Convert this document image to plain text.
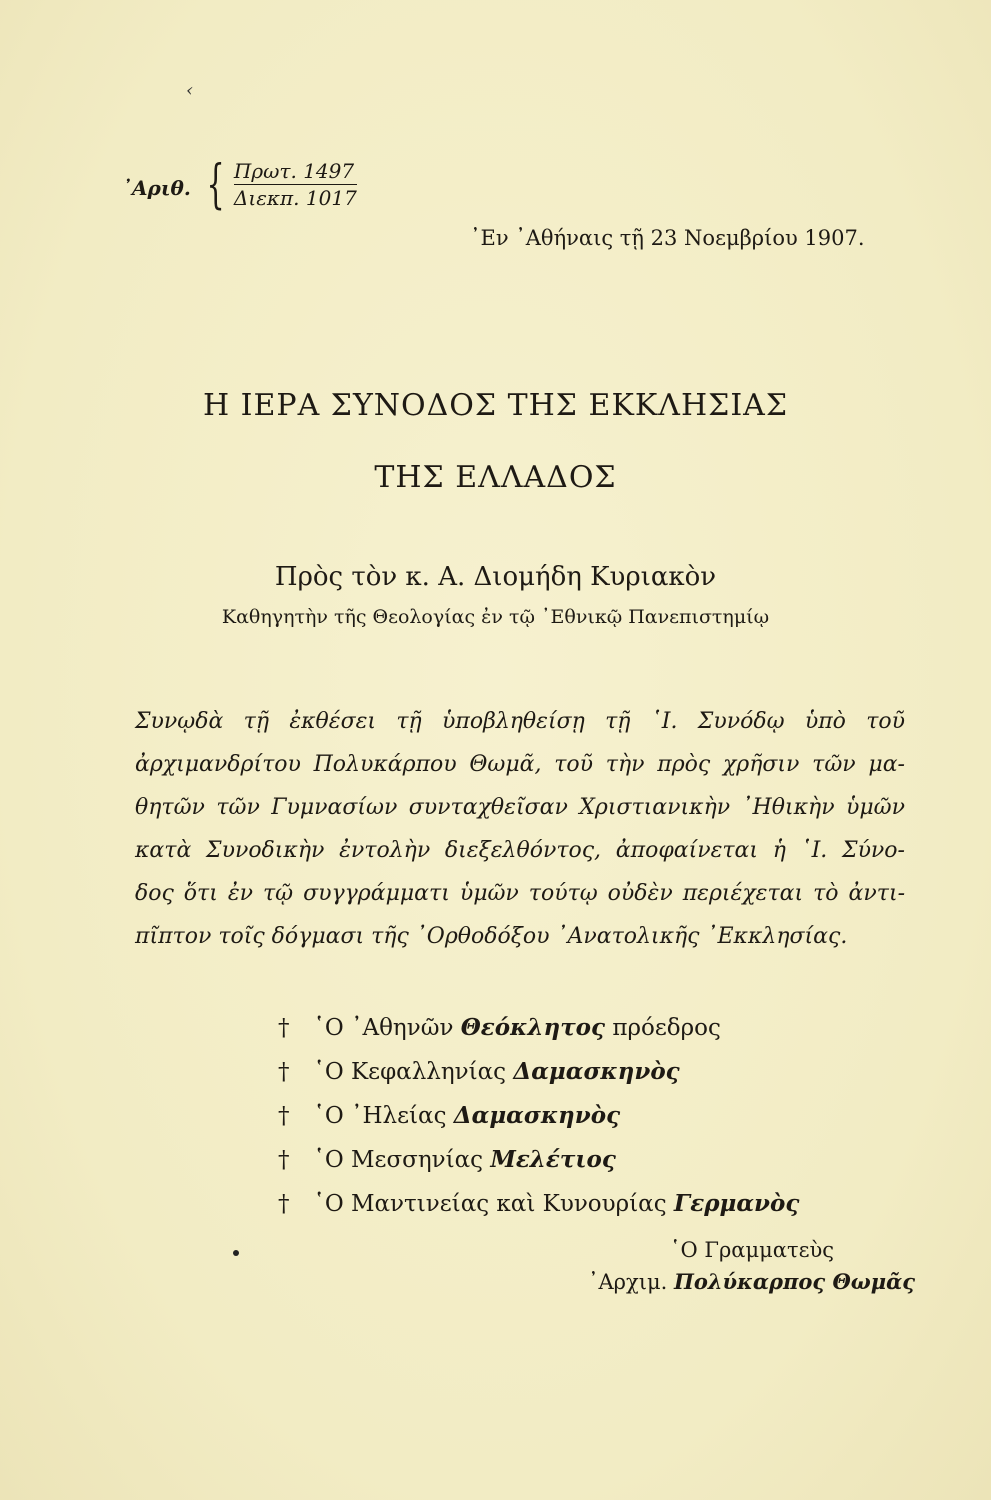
‹
᾿Αριθ. { Πρωτ. 1497
Διεκπ. 1017
᾿Εν ᾿Αθήναις τῇ 23 Νοεμβρίου 1907.
Η ΙΕΡΑ ΣΥΝΟΔΟΣ ΤΗΣ ΕΚΚΛΗΣΙΑΣ
ΤΗΣ ΕΛΛΑΔΟΣ
Πρὸς τὸν κ. Α. Διομήδη Κυριακὸν
Καθηγητὴν τῆς Θεολογίας ἐν τῷ ᾿Εθνικῷ Πανεπιστημίῳ
Συνῳδὰ τῇ ἐκθέσει τῇ ὑποβληθείσῃ τῇ ῾Ι. Συνόδῳ ὑπὸ τοῦ
ἀρχιμανδρίτου Πολυκάρπου Θωμᾶ, τοῦ τὴν πρὸς χρῆσιν τῶν μα-
θητῶν τῶν Γυμνασίων συνταχθεῖσαν Χριστιανικὴν ᾿Ηθικὴν ὑμῶν
κατὰ Συνοδικὴν ἐντολὴν διεξελθόντος, ἀποφαίνεται ἡ ῾Ι. Σύνο-
δος ὅτι ἐν τῷ συγγράμματι ὑμῶν τούτῳ οὐδὲν περιέχεται τὸ ἀντι-
πῖπτον τοῖς δόγμασι τῆς ᾿Ορθοδόξου ᾿Ανατολικῆς ᾿Εκκλησίας.
† ῾Ο ᾿Αθηνῶν Θεόκλητος πρόεδρος
† ῾Ο Κεφαλληνίας Δαμασκηνὸς
† ῾Ο ᾿Ηλείας Δαμασκηνὸς
† ῾Ο Μεσσηνίας Μελέτιος
† ῾Ο Μαντινείας καὶ Κυνουρίας Γερμανὸς
῾Ο Γραμματεὺς
᾿Αρχιμ. Πολύκαρπος Θωμᾶς
